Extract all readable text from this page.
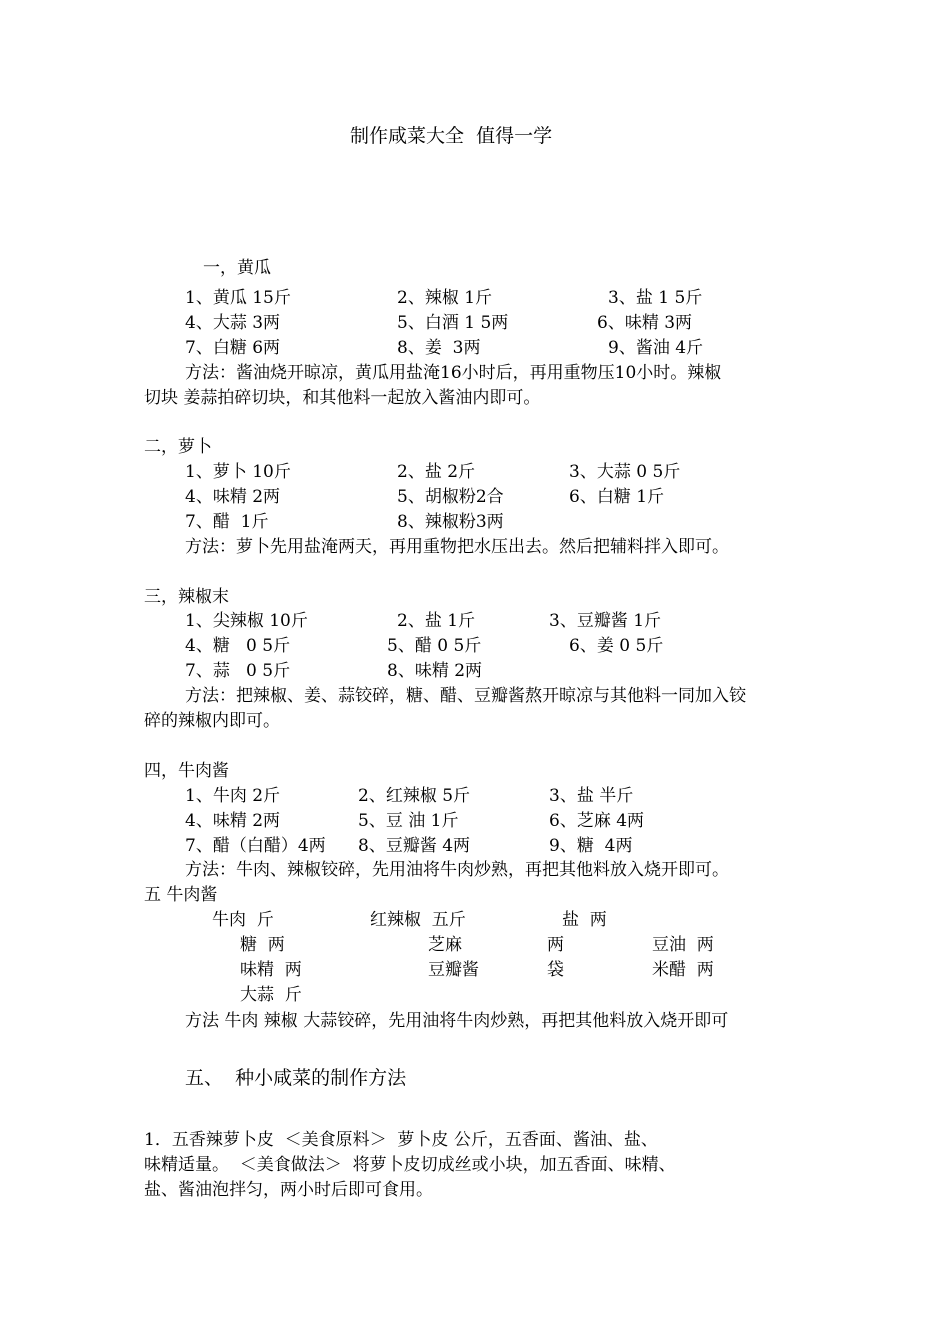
制作咸菜大全  值得一学
一，黄瓜
1、黄瓜 15斤	2、辣椒 1斤	3、盐 1 5斤
4、大蒜 3两	5、白酒 1 5两	6、味精 3两
7、白糖 6两	8、姜  3两	9、酱油 4斤
方法：酱油烧开晾凉，黄瓜用盐淹16小时后，再用重物压10小时。辣椒
切块 姜蒜拍碎切块，和其他料一起放入酱油内即可。
二，萝卜
1、萝卜 10斤	2、盐 2斤	3、大蒜 0 5斤
4、味精 2两	5、胡椒粉2合	6、白糖 1斤
7、醋  1斤	8、辣椒粉3两
方法：萝卜先用盐淹两天，再用重物把水压出去。然后把辅料拌入即可。
三，辣椒末
1、尖辣椒 10斤	2、盐 1斤	3、豆瓣酱 1斤
4、糖   0 5斤	5、醋 0 5斤	6、姜 0 5斤
7、蒜   0 5斤	8、味精 2两
方法：把辣椒、姜、蒜铰碎，糖、醋、豆瓣酱熬开晾凉与其他料一同加入铰
碎的辣椒内即可。
四，牛肉酱
1、牛肉 2斤	2、红辣椒 5斤	3、盐 半斤
4、味精 2两	5、豆 油 1斤	6、芝麻 4两
7、醋（白醋）4两 8、豆瓣酱 4两	9、糖  4两
方法：牛肉、辣椒铰碎，先用油将牛肉炒熟，再把其他料放入烧开即可。
五 牛肉酱
牛肉  斤	红辣椒  五斤	盐  两
糖  两	芝麻	两	豆油  两
味精  两	豆瓣酱	袋	米醋  两
大蒜  斤
方法 牛肉 辣椒 大蒜铰碎，先用油将牛肉炒熟，再把其他料放入烧开即可
五、  种小咸菜的制作方法
1．五香辣萝卜皮  ＜美食原料＞  萝卜皮 公斤，五香面、酱油、盐、
味精适量。  ＜美食做法＞  将萝卜皮切成丝或小块，加五香面、味精、
盐、酱油泡拌匀，两小时后即可食用。
